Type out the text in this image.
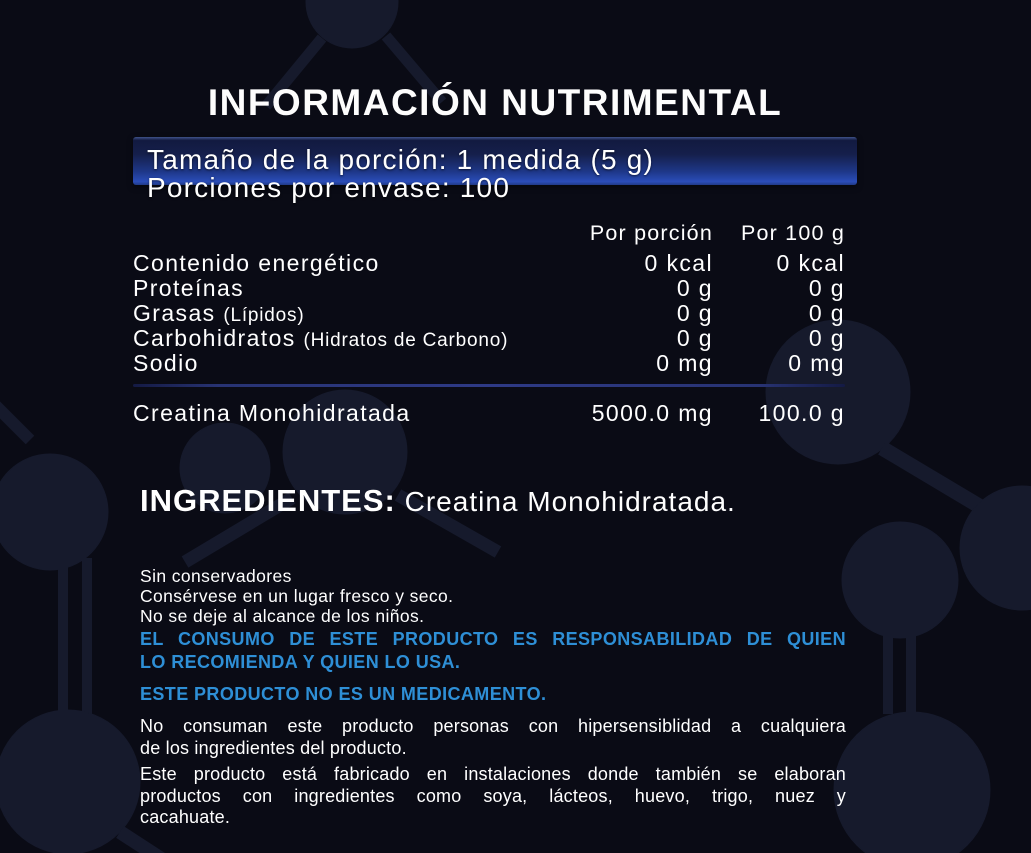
INFORMACIÓN NUTRIMENTAL
Tamaño de la porción: 1 medida (5 g)
Porciones por envase: 100
Por porción	Por 100 g
Contenido energético	0 kcal	0 kcal
Proteínas	0 g	0 g
Grasas (Lípidos)	0 g	0 g
Carbohidratos (Hidratos de Carbono)	0 g	0 g
Sodio	0 mg	0 mg
Creatina Monohidratada	5000.0 mg	100.0 g
INGREDIENTES: Creatina Monohidratada.
Sin conservadores
Consérvese en un lugar fresco y seco.
No se deje al alcance de los niños.
EL CONSUMO DE ESTE PRODUCTO ES RESPONSABILIDAD DE QUIEN
LO RECOMIENDA Y QUIEN LO USA.
ESTE PRODUCTO NO ES UN MEDICAMENTO.
No consuman este producto personas con hipersensiblidad a cualquiera
de los ingredientes del producto.
Este producto está fabricado en instalaciones donde también se elaboran
productos con ingredientes como soya, lácteos, huevo, trigo, nuez y
cacahuate.
